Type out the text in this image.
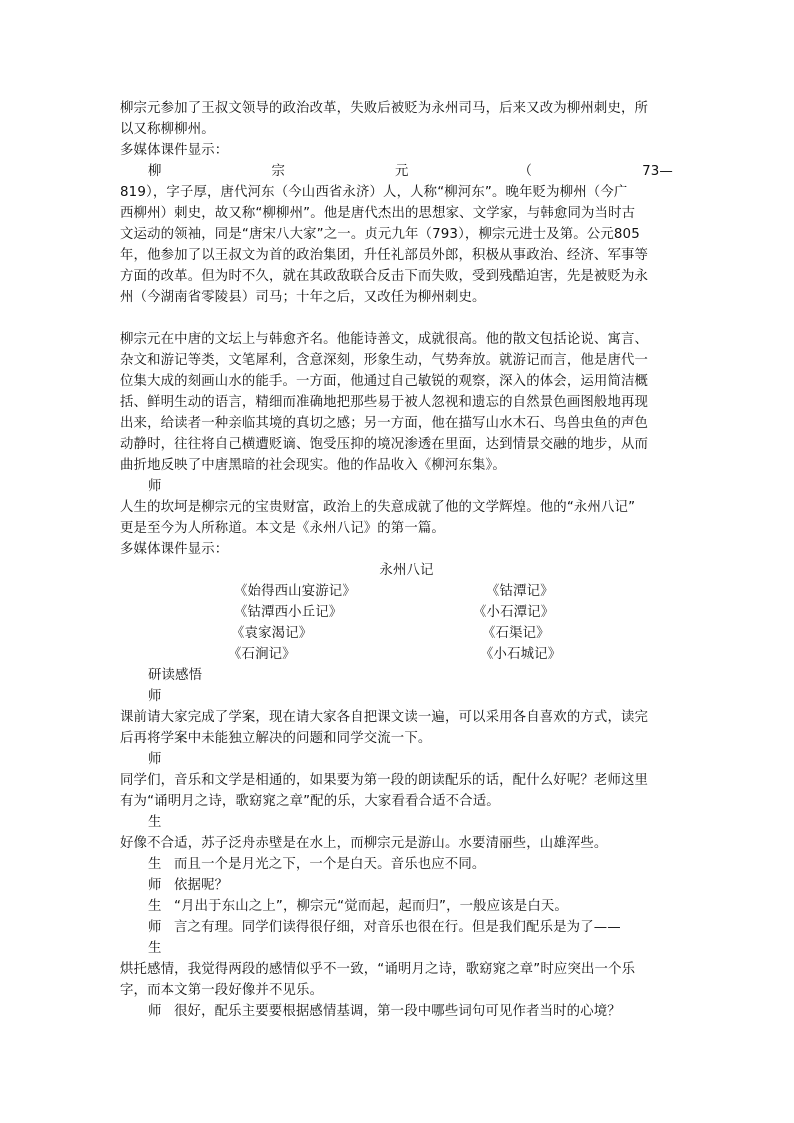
柳宗元参加了王叔文领导的政治改革，失败后被贬为永州司马，后来又改为柳州刺史，所
以又称柳柳州。
多媒体课件显示：
柳	宗	元	（	73—
819），字子厚，唐代河东（今山西省永济）人，人称“柳河东”。晚年贬为柳州（今广
西柳州）刺史，故又称“柳柳州”。他是唐代杰出的思想家、文学家，与韩愈同为当时古
文运动的领袖，同是“唐宋八大家”之一。贞元九年（793），柳宗元进士及第。公元805
年，他参加了以王叔文为首的政治集团，升任礼部员外郎，积极从事政治、经济、军事等
方面的改革。但为时不久，就在其政敌联合反击下而失败，受到残酷迫害，先是被贬为永
州（今湖南省零陵县）司马；十年之后，又改任为柳州刺史。
柳宗元在中唐的文坛上与韩愈齐名。他能诗善文，成就很高。他的散文包括论说、寓言、
杂文和游记等类，文笔犀利，含意深刻，形象生动，气势奔放。就游记而言，他是唐代一
位集大成的刻画山水的能手。一方面，他通过自己敏锐的观察，深入的体会，运用简洁概
括、鲜明生动的语言，精细而准确地把那些易于被人忽视和遗忘的自然景色画图般地再现
出来，给读者一种亲临其境的真切之感；另一方面，他在描写山水木石、鸟兽虫鱼的声色
动静时，往往将自己横遭贬谪、饱受压抑的境况渗透在里面，达到情景交融的地步，从而
曲折地反映了中唐黑暗的社会现实。他的作品收入《柳河东集》。
师
人生的坎坷是柳宗元的宝贵财富，政治上的失意成就了他的文学辉煌。他的“永州八记”
更是至今为人所称道。本文是《永州八记》的第一篇。
多媒体课件显示：
永州八记
《始得西山宴游记》	《钴潭记》
《钴潭西小丘记》	《小石潭记》
《袁家渴记》	《石渠记》
《石涧记》	《小石城记》
研读感悟
师
课前请大家完成了学案，现在请大家各自把课文读一遍，可以采用各自喜欢的方式，读完
后再将学案中未能独立解决的问题和同学交流一下。
师
同学们，音乐和文学是相通的，如果要为第一段的朗读配乐的话，配什么好呢？老师这里
有为“诵明月之诗，歌窈窕之章”配的乐，大家看看合适不合适。
生
好像不合适，苏子泛舟赤壁是在水上，而柳宗元是游山。水要清丽些，山雄浑些。
生 而且一个是月光之下，一个是白天。音乐也应不同。
师 依据呢？
生 “月出于东山之上”，柳宗元“觉而起，起而归”，一般应该是白天。
师 言之有理。同学们读得很仔细，对音乐也很在行。但是我们配乐是为了——
生
烘托感情，我觉得两段的感情似乎不一致，“诵明月之诗，歌窈窕之章”时应突出一个乐
字，而本文第一段好像并不见乐。
师 很好，配乐主要要根据感情基调，第一段中哪些词句可见作者当时的心境？
